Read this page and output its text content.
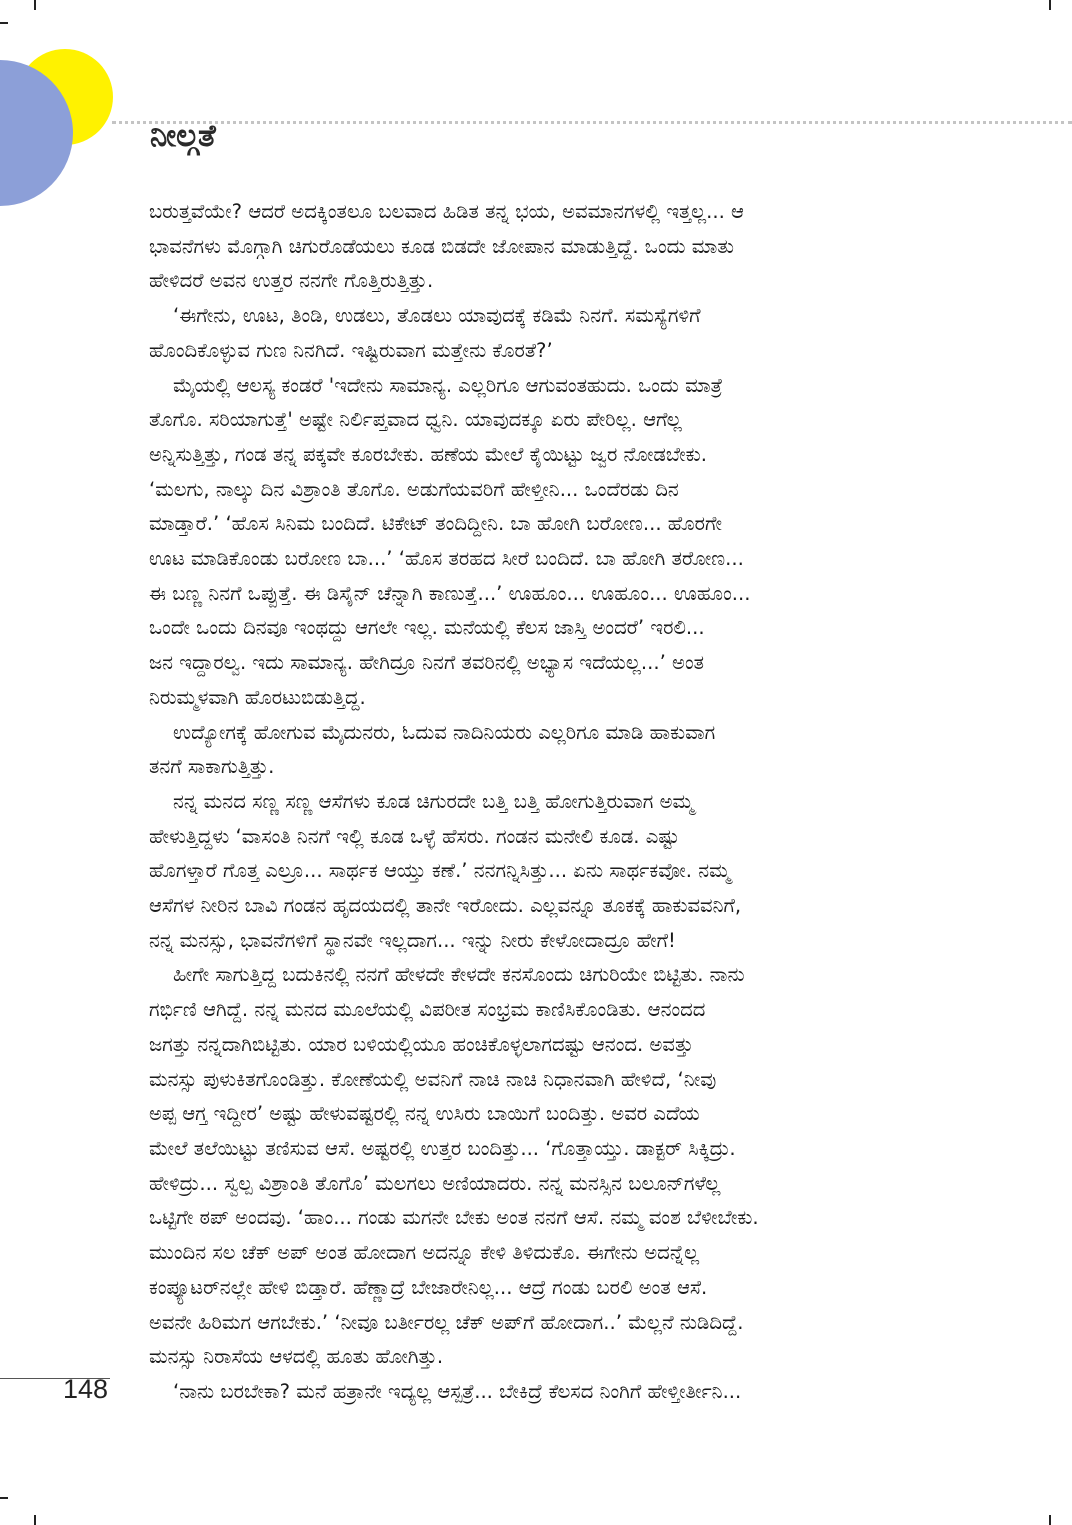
ನೀಲ್ಗತೆ
ಬರುತ್ತವೆಯೇ? ಆದರೆ ಅದಕ್ಕಿಂತಲೂ ಬಲವಾದ ಹಿಡಿತ ತನ್ನ ಭಯ, ಅವಮಾನಗಳಲ್ಲಿ ಇತ್ತಲ್ಲ... ಆ
ಭಾವನೆಗಳು ಮೊಗ್ಗಾಗಿ ಚಿಗುರೊಡೆಯಲು ಕೂಡ ಬಿಡದೇ ಜೋಪಾನ ಮಾಡುತ್ತಿದ್ದೆ. ಒಂದು ಮಾತು
ಹೇಳಿದರೆ ಅವನ ಉತ್ತರ ನನಗೇ ಗೊತ್ತಿರುತ್ತಿತ್ತು.
‘ಈಗೇನು, ಊಟ, ತಿಂಡಿ, ಉಡಲು, ತೊಡಲು ಯಾವುದಕ್ಕೆ ಕಡಿಮೆ ನಿನಗೆ. ಸಮಸ್ಯೆಗಳಿಗೆ
ಹೊಂದಿಕೊಳ್ಳುವ ಗುಣ ನಿನಗಿದೆ. ಇಷ್ಟಿರುವಾಗ ಮತ್ತೇನು ಕೊರತೆ?’
ಮೈಯಲ್ಲಿ ಆಲಸ್ಯ ಕಂಡರೆ 'ಇದೇನು ಸಾಮಾನ್ಯ. ಎಲ್ಲರಿಗೂ ಆಗುವಂತಹುದು. ಒಂದು ಮಾತ್ರೆ
ತೊಗೊ. ಸರಿಯಾಗುತ್ತೆ' ಅಷ್ಟೇ ನಿರ್ಲಿಪ್ತವಾದ ಧ್ವನಿ. ಯಾವುದಕ್ಕೂ ಏರು ಪೇರಿಲ್ಲ. ಆಗೆಲ್ಲ
ಅನ್ನಿಸುತ್ತಿತ್ತು, ಗಂಡ ತನ್ನ ಪಕ್ಕವೇ ಕೂರಬೇಕು. ಹಣೆಯ ಮೇಲೆ ಕೈಯಿಟ್ಟು ಜ್ವರ ನೋಡಬೇಕು.
‘ಮಲಗು, ನಾಲ್ಕು ದಿನ ವಿಶ್ರಾಂತಿ ತೊಗೊ. ಅಡುಗೆಯವರಿಗೆ ಹೇಳ್ತೀನಿ... ಒಂದೆರಡು ದಿನ
ಮಾಡ್ತಾರೆ.’ ‘ಹೊಸ ಸಿನಿಮ ಬಂದಿದೆ. ಟಿಕೇಟ್ ತಂದಿದ್ದೀನಿ. ಬಾ ಹೋಗಿ ಬರೋಣ... ಹೊರಗೇ
ಊಟ ಮಾಡಿಕೊಂಡು ಬರೋಣ ಬಾ...’ ‘ಹೊಸ ತರಹದ ಸೀರೆ ಬಂದಿದೆ. ಬಾ ಹೋಗಿ ತರೋಣ...
ಈ ಬಣ್ಣ ನಿನಗೆ ಒಪ್ಪುತ್ತೆ. ಈ ಡಿಸೈನ್ ಚೆನ್ನಾಗಿ ಕಾಣುತ್ತೆ...’ ಊಹೂಂ... ಊಹೂಂ... ಊಹೂಂ...
ಒಂದೇ ಒಂದು ದಿನವೂ ಇಂಥದ್ದು ಆಗಲೇ ಇಲ್ಲ. ಮನೆಯಲ್ಲಿ ಕೆಲಸ ಜಾಸ್ತಿ ಅಂದರೆ’ ಇರಲಿ...
ಜನ ಇದ್ದಾರಲ್ವ. ಇದು ಸಾಮಾನ್ಯ. ಹೇಗಿದ್ರೂ ನಿನಗೆ ತವರಿನಲ್ಲಿ ಅಭ್ಯಾಸ ಇದೆಯಲ್ಲ...’ ಅಂತ
ನಿರುಮ್ಮಳವಾಗಿ ಹೊರಟುಬಿಡುತ್ತಿದ್ದ.
ಉದ್ಯೋಗಕ್ಕೆ ಹೋಗುವ ಮೈದುನರು, ಓದುವ ನಾದಿನಿಯರು ಎಲ್ಲರಿಗೂ ಮಾಡಿ ಹಾಕುವಾಗ
ತನಗೆ ಸಾಕಾಗುತ್ತಿತ್ತು.
ನನ್ನ ಮನದ ಸಣ್ಣ ಸಣ್ಣ ಆಸೆಗಳು ಕೂಡ ಚಿಗುರದೇ ಬತ್ತಿ ಬತ್ತಿ ಹೋಗುತ್ತಿರುವಾಗ ಅಮ್ಮ
ಹೇಳುತ್ತಿದ್ದಳು ‘ವಾಸಂತಿ ನಿನಗೆ ಇಲ್ಲಿ ಕೂಡ ಒಳ್ಳೆ ಹೆಸರು. ಗಂಡನ ಮನೇಲಿ ಕೂಡ. ಎಷ್ಟು
ಹೊಗಳ್ತಾರೆ ಗೊತ್ತ ಎಲ್ರೂ... ಸಾರ್ಥಕ ಆಯ್ತು ಕಣೆ.’ ನನಗನ್ನಿಸಿತ್ತು... ಏನು ಸಾರ್ಥಕವೋ. ನಮ್ಮ
ಆಸೆಗಳ ನೀರಿನ ಬಾವಿ ಗಂಡನ ಹೃದಯದಲ್ಲಿ ತಾನೇ ಇರೋದು. ಎಲ್ಲವನ್ನೂ ತೂಕಕ್ಕೆ ಹಾಕುವವನಿಗೆ,
ನನ್ನ ಮನಸ್ಸು, ಭಾವನೆಗಳಿಗೆ ಸ್ಥಾನವೇ ಇಲ್ಲದಾಗ... ಇನ್ನು ನೀರು ಕೇಳೋದಾದ್ರೂ ಹೇಗೆ!
ಹೀಗೇ ಸಾಗುತ್ತಿದ್ದ ಬದುಕಿನಲ್ಲಿ ನನಗೆ ಹೇಳದೇ ಕೇಳದೇ ಕನಸೊಂದು ಚಿಗುರಿಯೇ ಬಿಟ್ಟಿತು. ನಾನು
ಗರ್ಭಿಣಿ ಆಗಿದ್ದೆ. ನನ್ನ ಮನದ ಮೂಲೆಯಲ್ಲಿ ವಿಪರೀತ ಸಂಭ್ರಮ ಕಾಣಿಸಿಕೊಂಡಿತು. ಆನಂದದ
ಜಗತ್ತು ನನ್ನದಾಗಿಬಿಟ್ಟಿತು. ಯಾರ ಬಳಿಯಲ್ಲಿಯೂ ಹಂಚಿಕೊಳ್ಳಲಾಗದಷ್ಟು ಆನಂದ. ಅವತ್ತು
ಮನಸ್ಸು ಪುಳುಕಿತಗೊಂಡಿತ್ತು. ಕೋಣೆಯಲ್ಲಿ ಅವನಿಗೆ ನಾಚಿ ನಾಚಿ ನಿಧಾನವಾಗಿ ಹೇಳಿದೆ, ‘ನೀವು
ಅಪ್ಪ ಆಗ್ತ ಇದ್ದೀರ’ ಅಷ್ಟು ಹೇಳುವಷ್ಟರಲ್ಲಿ ನನ್ನ ಉಸಿರು ಬಾಯಿಗೆ ಬಂದಿತ್ತು. ಅವರ ಎದೆಯ
ಮೇಲೆ ತಲೆಯಿಟ್ಟು ತಣಿಸುವ ಆಸೆ. ಅಷ್ಟರಲ್ಲಿ ಉತ್ತರ ಬಂದಿತ್ತು... ‘ಗೊತ್ತಾಯ್ತು. ಡಾಕ್ಟರ್ ಸಿಕ್ಕಿದ್ರು.
ಹೇಳಿದ್ರು... ಸ್ವಲ್ಪ ವಿಶ್ರಾಂತಿ ತೊಗೊ’ ಮಲಗಲು ಅಣಿಯಾದರು. ನನ್ನ ಮನಸ್ಸಿನ ಬಲೂನ್‌ಗಳೆಲ್ಲ
ಒಟ್ಟಿಗೇ ಠಪ್ ಅಂದವು. ‘ಹಾಂ... ಗಂಡು ಮಗನೇ ಬೇಕು ಅಂತ ನನಗೆ ಆಸೆ. ನಮ್ಮ ವಂಶ ಬೆಳೀಬೇಕು.
ಮುಂದಿನ ಸಲ ಚೆಕ್ ಅಪ್ ಅಂತ ಹೋದಾಗ ಅದನ್ನೂ ಕೇಳಿ ತಿಳಿದುಕೊ. ಈಗೇನು ಅದನ್ನೆಲ್ಲ
ಕಂಪ್ಯೂಟರ್‌ನಲ್ಲೇ ಹೇಳಿ ಬಿಡ್ತಾರೆ. ಹೆಣ್ಣಾದ್ರೆ ಬೇಜಾರೇನಿಲ್ಲ... ಆದ್ರೆ ಗಂಡು ಬರಲಿ ಅಂತ ಆಸೆ.
ಅವನೇ ಹಿರಿಮಗ ಆಗಬೇಕು.’ ‘ನೀವೂ ಬರ್ತೀರಲ್ಲ ಚೆಕ್ ಅಪ್‌ಗೆ ಹೋದಾಗ..’ ಮೆಲ್ಲನೆ ನುಡಿದಿದ್ದೆ.
ಮನಸ್ಸು ನಿರಾಸೆಯ ಆಳದಲ್ಲಿ ಹೂತು ಹೋಗಿತ್ತು.
‘ನಾನು ಬರಬೇಕಾ? ಮನೆ ಹತ್ರಾನೇ ಇದ್ಯಲ್ಲ ಆಸ್ಪತ್ರೆ... ಬೇಕಿದ್ರೆ ಕೆಲಸದ ನಿಂಗಿಗೆ ಹೇಳ್ತೀರ್ತೀನಿ...
148
